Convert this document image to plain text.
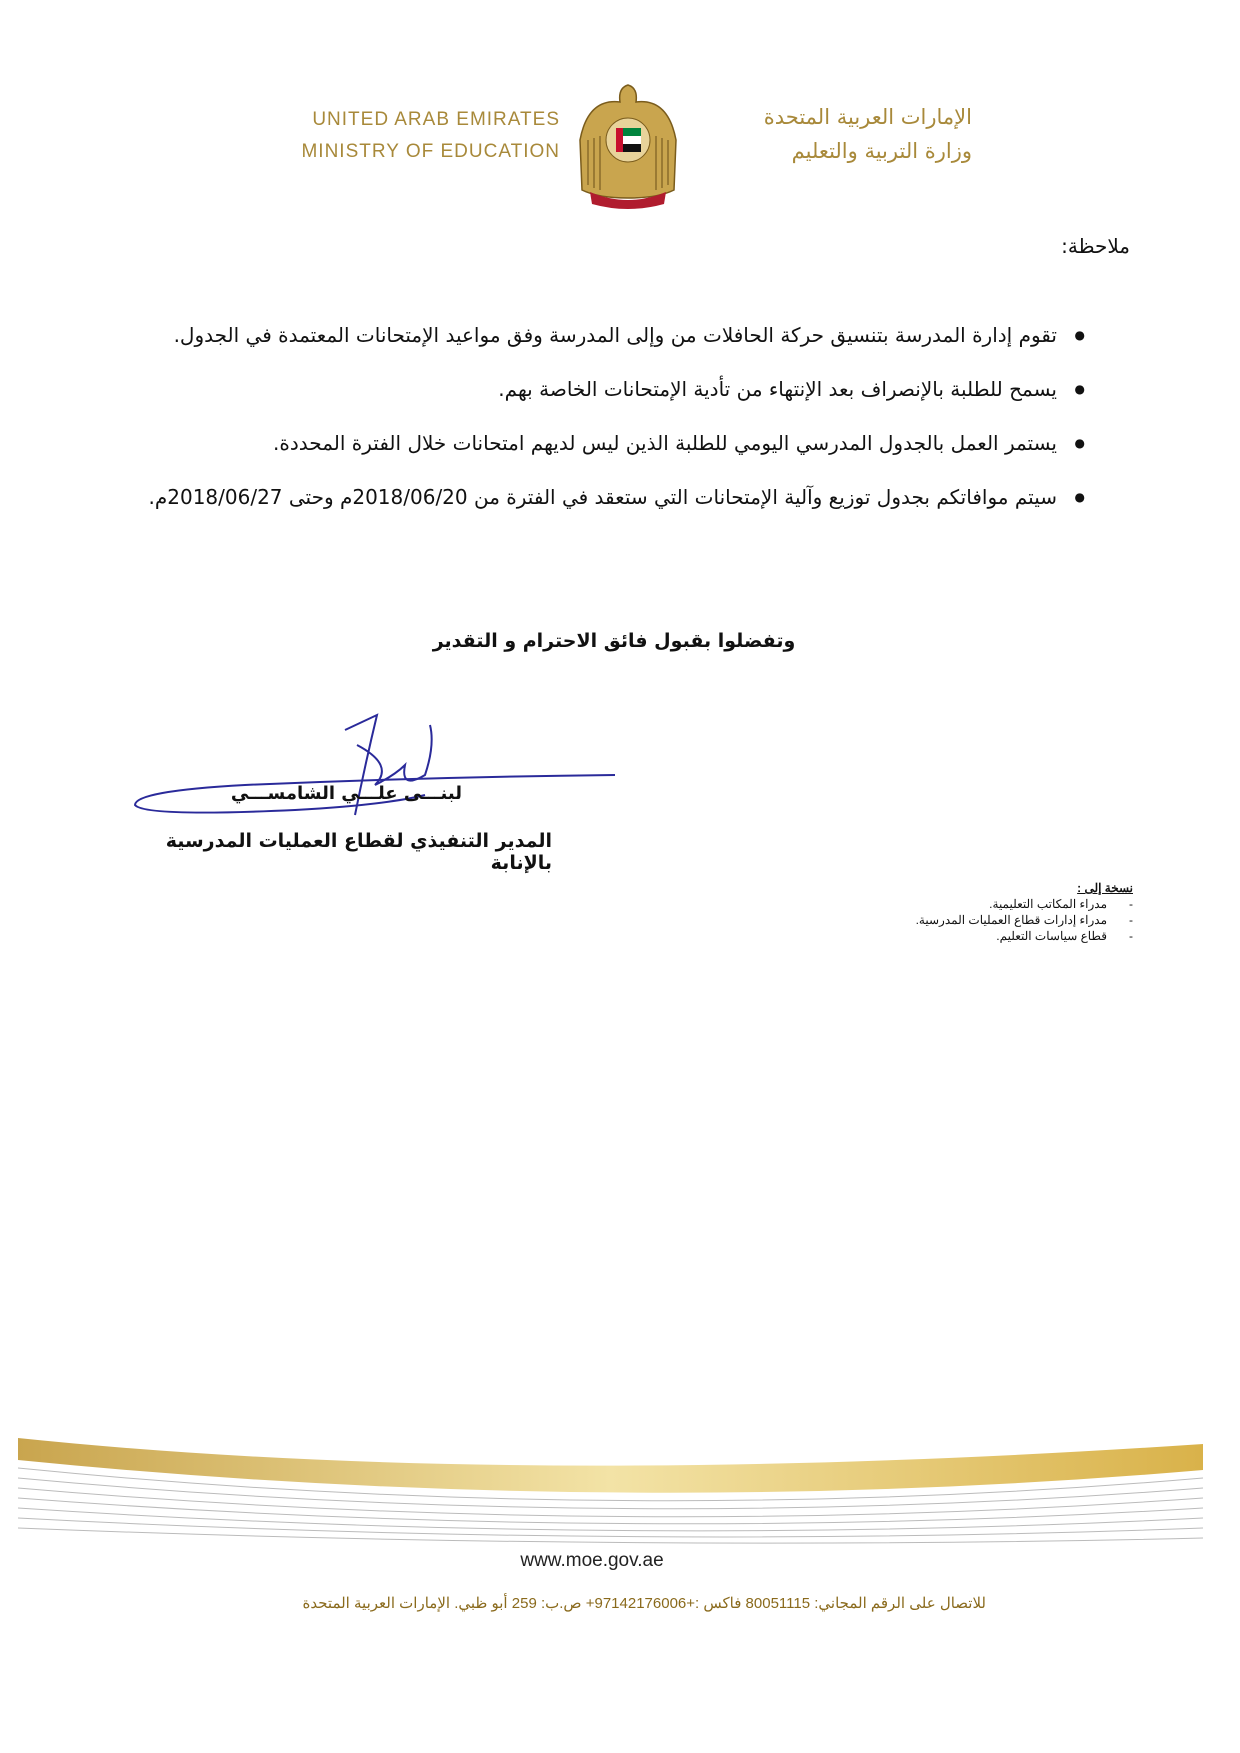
UNITED ARAB EMIRATES
MINISTRY OF EDUCATION
الإمارات العربية المتحدة
وزارة التربية والتعليم
ملاحظة:
● تقوم إدارة المدرسة بتنسيق حركة الحافلات من وإلى المدرسة وفق مواعيد الإمتحانات المعتمدة في الجدول.
● يسمح للطلبة بالإنصراف بعد الإنتهاء من تأدية الإمتحانات الخاصة بهم.
● يستمر العمل بالجدول المدرسي اليومي للطلبة الذين ليس لديهم امتحانات خلال الفترة المحددة.
● سيتم موافاتكم بجدول توزيع وآلية الإمتحانات التي ستعقد في الفترة من 2018/06/20م وحتى 2018/06/27م.
وتفضلوا بقبول فائق الاحترام و التقدير
لبنـــى علـــي الشامســـي
المدير التنفيذي لقطاع العمليات المدرسية بالإنابة
نسخة إلى :
- مدراء المكاتب التعليمية.
- مدراء إدارات قطاع العمليات المدرسية.
- قطاع سياسات التعليم.
www.moe.gov.ae
للاتصال على الرقم المجاني: 80051115 فاكس :+97142176006+ ص.ب: 259 أبو ظبي. الإمارات العربية المتحدة
